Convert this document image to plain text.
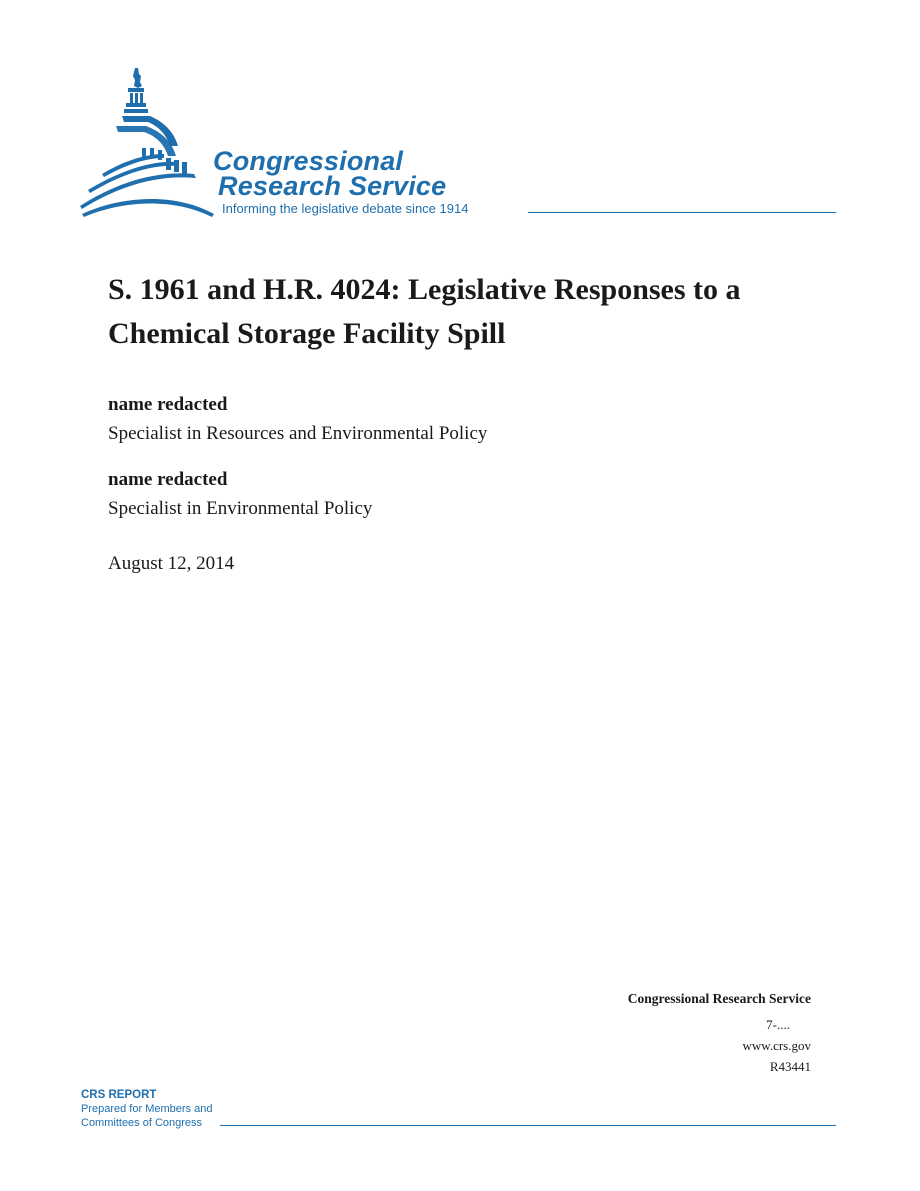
Congressional
Research Service
Informing the legislative debate since 1914
S. 1961 and H.R. 4024: Legislative Responses to a Chemical Storage Facility Spill
name redacted
Specialist in Resources and Environmental Policy
name redacted
Specialist in Environmental Policy
August 12, 2014
Congressional Research Service
7-....
www.crs.gov
R43441
CRS REPORT
Prepared for Members and
Committees of Congress
